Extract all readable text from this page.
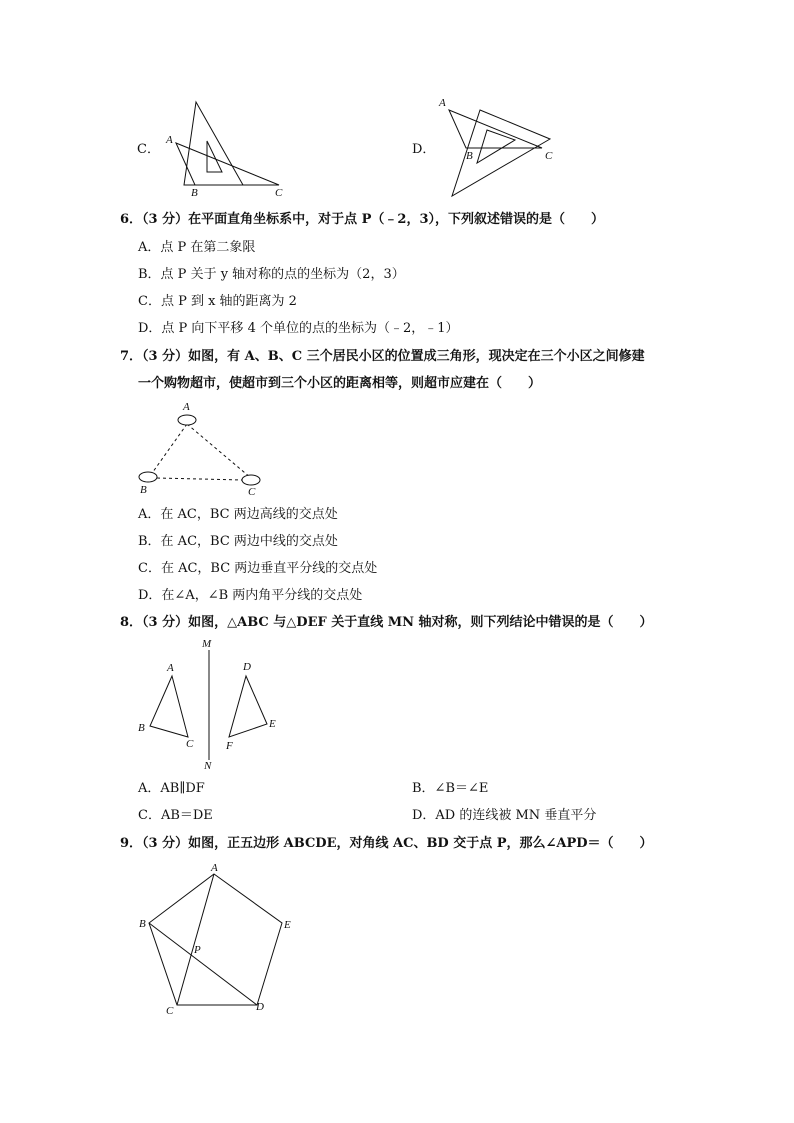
C．
A
B	C
D．
A
B	C
6．（3 分）在平面直角坐标系中，对于点 P（﹣2，3），下列叙述错误的是（　　）
A．点 P 在第二象限
B．点 P 关于 y 轴对称的点的坐标为（2，3）
C．点 P 到 x 轴的距离为 2
D．点 P 向下平移 4 个单位的点的坐标为（﹣2，﹣1）
7．（3 分）如图，有 A、B、C 三个居民小区的位置成三角形，现决定在三个小区之间修建
一个购物超市，使超市到三个小区的距离相等，则超市应建在（　　）
A
B	C
A．在 AC，BC 两边高线的交点处
B．在 AC，BC 两边中线的交点处
C．在 AC，BC 两边垂直平分线的交点处
D．在∠A，∠B 两内角平分线的交点处
8．（3 分）如图，△ABC 与△DEF 关于直线 MN 轴对称，则下列结论中错误的是（　　）
M
N
A
B
C
D
E
F
A．AB∥DF	B．∠B＝∠E
C．AB＝DE	D．AD 的连线被 MN 垂直平分
9．（3 分）如图，正五边形 ABCDE，对角线 AC、BD 交于点 P，那么∠APD＝（　　）
A
B
C	D
E
P
